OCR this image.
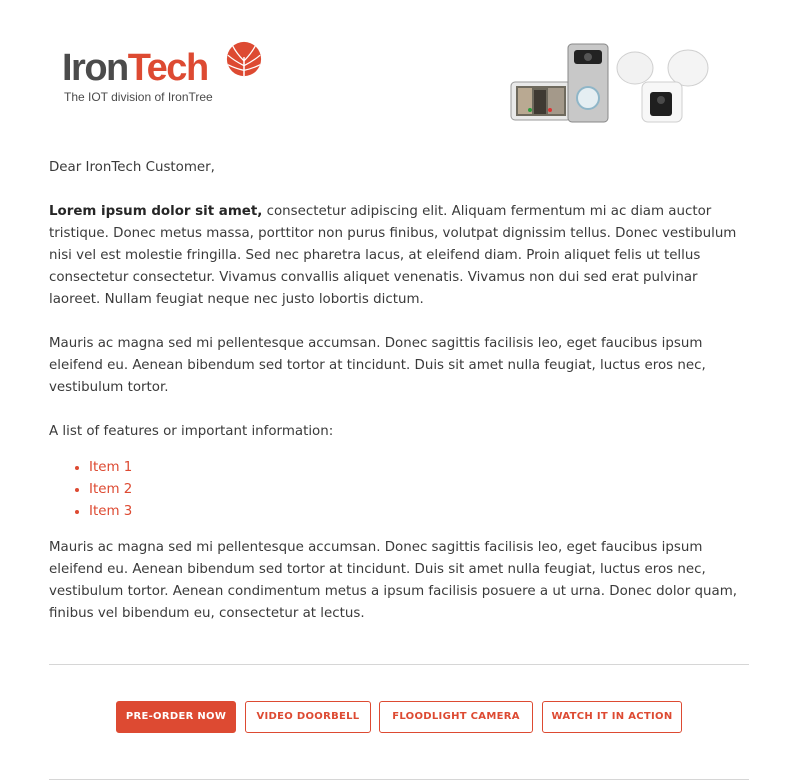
IronTech
The IOT division of IronTree

Dear IronTech Customer,

Lorem ipsum dolor sit amet, consectetur adipiscing elit. Aliquam fermentum mi ac diam auctor tristique. Donec metus massa, porttitor non purus finibus, volutpat dignissim tellus. Donec vestibulum nisi vel est molestie fringilla. Sed nec pharetra lacus, at eleifend diam. Proin aliquet felis ut tellus consectetur consectetur. Vivamus convallis aliquet venenatis. Vivamus non dui sed erat pulvinar laoreet. Nullam feugiat neque nec justo lobortis dictum.

Mauris ac magna sed mi pellentesque accumsan. Donec sagittis facilisis leo, eget faucibus ipsum eleifend eu. Aenean bibendum sed tortor at tincidunt. Duis sit amet nulla feugiat, luctus eros nec, vestibulum tortor.

A list of features or important information:

• Item 1
• Item 2
• Item 3

Mauris ac magna sed mi pellentesque accumsan. Donec sagittis facilisis leo, eget faucibus ipsum eleifend eu. Aenean bibendum sed tortor at tincidunt. Duis sit amet nulla feugiat, luctus eros nec, vestibulum tortor. Aenean condimentum metus a ipsum facilisis posuere a ut urna. Donec dolor quam, finibus vel bibendum eu, consectetur at lectus.

PRE-ORDER NOW	VIDEO DOORBELL	FLOODLIGHT CAMERA	WATCH IT IN ACTION
